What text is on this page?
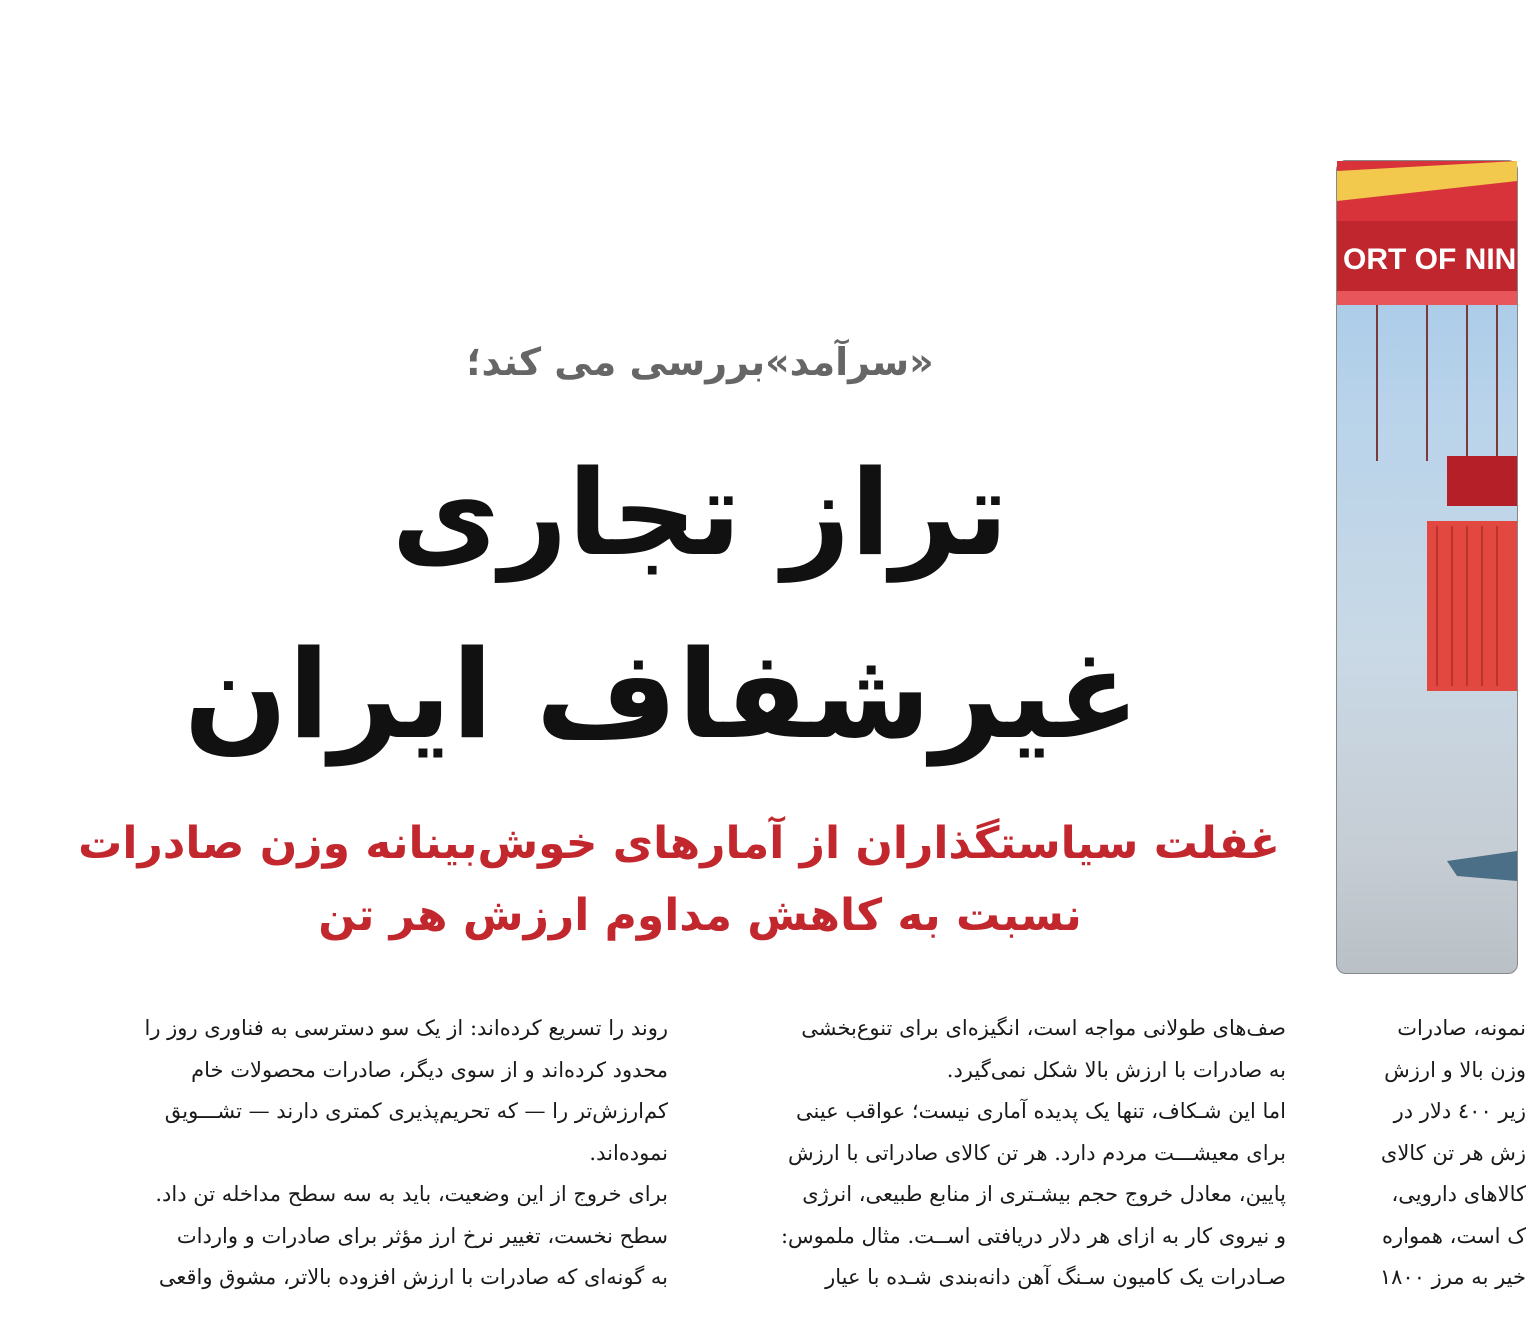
«سرآمد»بررسی می کند؛
تراز تجاری
غیرشفاف ایران
غفلت سیاستگذاران از آمارهای خوش‌بینانه وزن صادرات
نسبت به کاهش مداوم ارزش هر تن
ORT OF NIN

نمونه، صادرات

وزن بالا و ارزش

زیر ٤٠٠ دلار در

زش هر تن کالای

کالاهای دارویی،

ک است، همواره

خیر به مرز ١٨٠٠

صف‌های طولانی مواجه است، انگیزه‌ای برای تنوع‌بخشی

به صادرات با ارزش بالا شکل نمی‌گیرد.

اما این شـکاف، تنها یک پدیده آماری نیست؛ عواقب عینی

برای معیشـــت مردم دارد. هر تن کالای صادراتی با ارزش

پایین، معادل خروج حجم بیشـتری از منابع طبیعی، انرژی

و نیروی کار به ازای هر دلار دریافتی اســت. مثال ملموس:

صـادرات یک کامیون سـنگ آهن دانه‌بندی شـده با عیار

روند را تسریع کرده‌اند: از یک سو دسترسی به فناوری روز را

محدود کرده‌اند و از سوی دیگر، صادرات محصولات خام

کم‌ارزش‌تر را — که تحریم‌پذیری کمتری دارند — تشـــویق

نموده‌اند.

برای خروج از این وضعیت، باید به سه سطح مداخله تن داد.

سطح نخست، تغییر نرخ ارز مؤثر برای صادرات و واردات

به گونه‌ای که صادرات با ارزش افزوده بالاتر، مشوق واقعی
